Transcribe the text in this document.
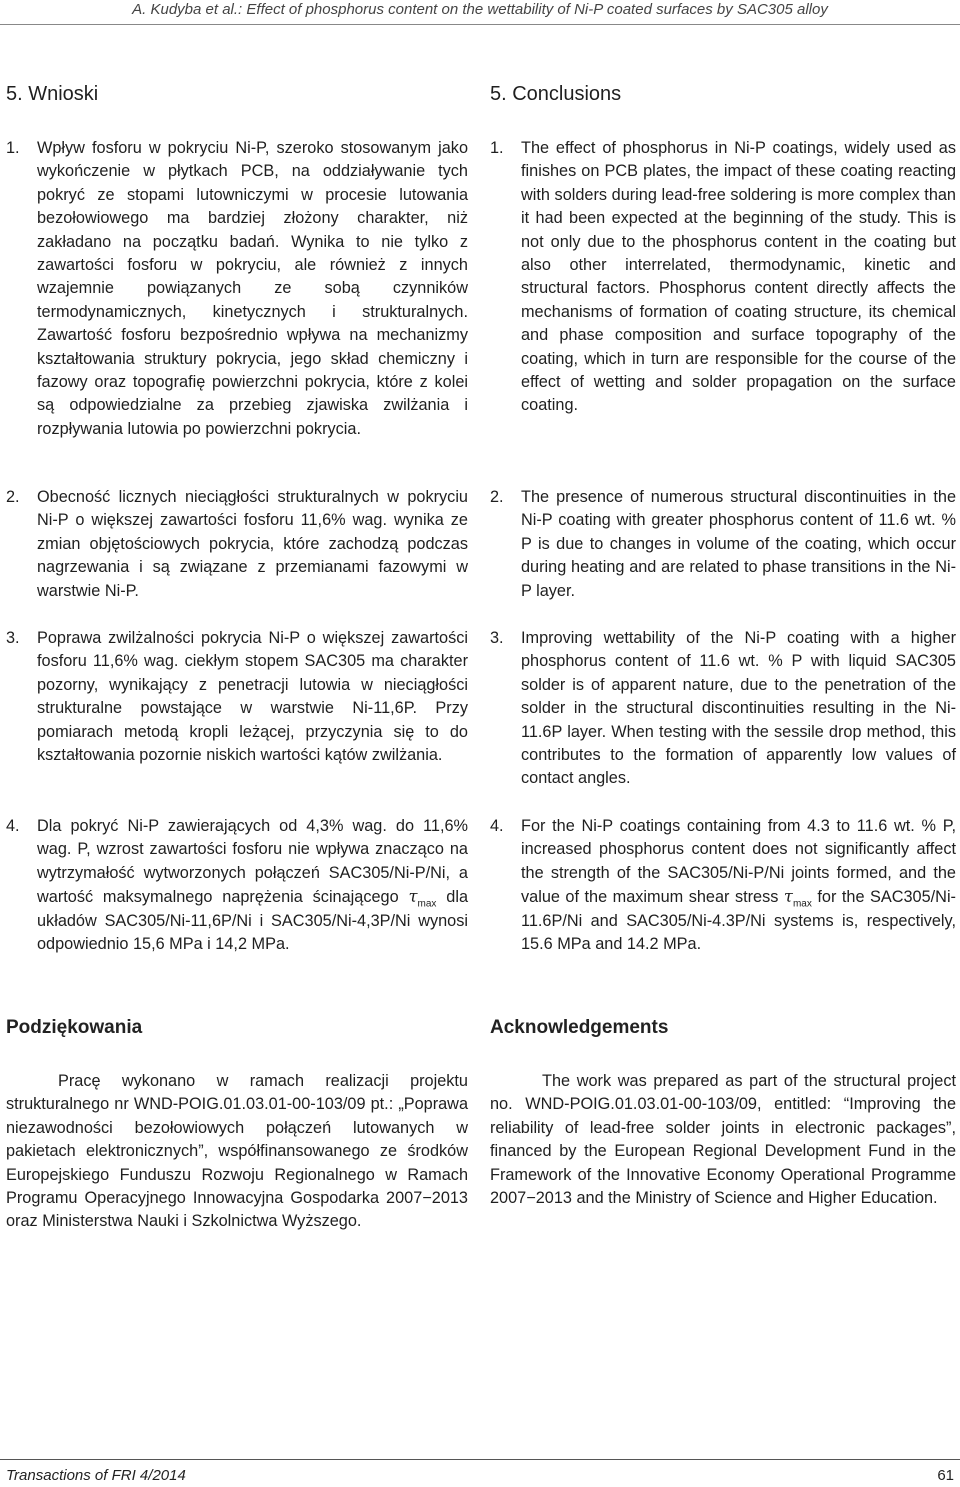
A. Kudyba et al.: Effect of phosphorus content on the wettability of Ni-P coated surfaces by SAC305 alloy
5. Wnioski
1.	Wpływ fosforu w pokryciu Ni-P, szeroko stosowanym jako wykończenie w płytkach PCB, na oddziaływanie tych pokryć ze stopami lutowniczymi w procesie lutowania bezołowiowego ma bardziej złożony charakter, niż zakładano na początku badań. Wynika to nie tylko z zawartości fosforu w pokryciu, ale również z innych wzajemnie powiązanych ze sobą czynników termodynamicznych, kinetycznych i strukturalnych. Zawartość fosforu bezpośrednio wpływa na mechanizmy kształtowania struktury pokrycia, jego skład chemiczny i fazowy oraz topografię powierzchni pokrycia, które z kolei są odpowiedzialne za przebieg zjawiska zwilżania i rozpływania lutowia po powierzchni pokrycia.
2.	Obecność licznych nieciągłości strukturalnych w pokryciu Ni-P o większej zawartości fosforu 11,6% wag. wynika ze zmian objętościowych pokrycia, które zachodzą podczas nagrzewania i są związane z przemianami fazowymi w warstwie Ni-P.
3.	Poprawa zwilżalności pokrycia Ni-P o większej zawartości fosforu 11,6% wag. ciekłym stopem SAC305 ma charakter pozorny, wynikający z penetracji lutowia w nieciągłości strukturalne powstające w warstwie Ni-11,6P. Przy pomiarach metodą kropli leżącej, przyczynia się to do kształtowania pozornie niskich wartości kątów zwilżania.
4.	Dla pokryć Ni-P zawierających od 4,3% wag. do 11,6% wag. P, wzrost zawartości fosforu nie wpływa znacząco na wytrzymałość wytworzonych połączeń SAC305/Ni-P/Ni, a wartość maksymalnego naprężenia ścinającego $\tau_{max}$ dla układów SAC305/Ni-11,6P/Ni i SAC305/Ni-4,3P/Ni wynosi odpowiednio 15,6 MPa i 14,2 MPa.
Podziękowania
Pracę wykonano w ramach realizacji projektu strukturalnego nr WND-POIG.01.03.01-00-103/09 pt.: „Poprawa niezawodności bezołowiowych połączeń lutowanych w pakietach elektronicznych”, współfinansowanego ze środków Europejskiego Funduszu Rozwoju Regionalnego w Ramach Programu Operacyjnego Innowacyjna Gospodarka 2007−2013 oraz Ministerstwa Nauki i Szkolnictwa Wyższego.
5. Conclusions
1.	The effect of phosphorus in Ni-P coatings, widely used as finishes on PCB plates, the impact of these coating reacting with solders during lead-free soldering is more complex than it had been expected at the beginning of the study. This is not only due to the phosphorus content in the coating but also other interrelated, thermodynamic, kinetic and structural factors. Phosphorus content directly affects the mechanisms of formation of coating structure, its chemical and phase composition and surface topography of the coating, which in turn are responsible for the course of the effect of wetting and solder propagation on the surface coating.
2.	The presence of numerous structural discontinuities in the Ni-P coating with greater phosphorus content of 11.6 wt. % P is due to changes in volume of the coating, which occur during heating and are related to phase transitions in the Ni-P layer.
3.	Improving wettability of the Ni-P coating with a higher phosphorus content of 11.6 wt. % P with liquid SAC305 solder is of apparent nature, due to the penetration of the solder in the structural discontinuities resulting in the Ni-11.6P layer. When testing with the sessile drop method, this contributes to the formation of apparently low values of contact angles.
4.	For the Ni-P coatings containing from 4.3 to 11.6 wt. % P, increased phosphorus content does not significantly affect the strength of the SAC305/Ni-P/Ni joints formed, and the value of the maximum shear stress $\tau_{max}$ for the SAC305/Ni-11.6P/Ni and SAC305/Ni-4.3P/Ni systems is, respectively, 15.6 MPa and 14.2 MPa.
Acknowledgements
The work was prepared as part of the structural project no. WND-POIG.01.03.01-00-103/09, entitled: “Improving the reliability of lead-free solder joints in electronic packages”, financed by the European Regional Development Fund in the Framework of the Innovative Economy Operational Programme 2007−2013 and the Ministry of Science and Higher Education.
Transactions of FRI 4/2014	61
